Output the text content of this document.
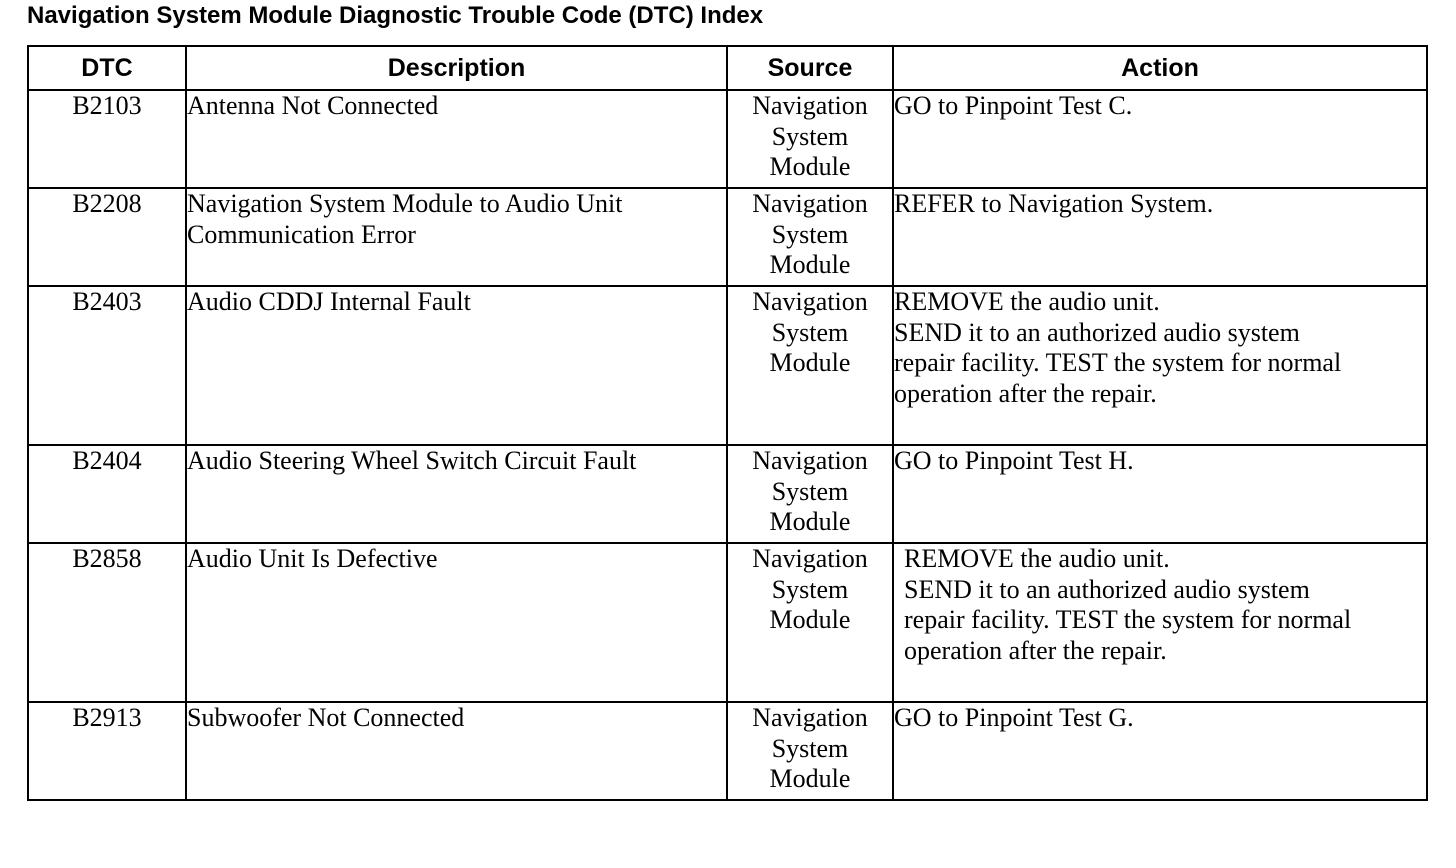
Navigation System Module Diagnostic Trouble Code (DTC) Index
DTC	Description	Source	Action
B2103	Antenna Not Connected	Navigation
System
Module	GO to Pinpoint Test C.

B2208	Navigation System Module to Audio Unit Communication Error	Navigation
System
Module	REFER to Navigation System.

B2403	Audio CDDJ Internal Fault	Navigation
System
Module	REMOVE the audio unit.
SEND it to an authorized audio system
repair facility. TEST the system for normal
operation after the repair.

B2404	Audio Steering Wheel Switch Circuit Fault	Navigation
System
Module	GO to Pinpoint Test H.

B2858	Audio Unit Is Defective	Navigation
System
Module	REMOVE the audio unit.
SEND it to an authorized audio system
repair facility. TEST the system for normal
operation after the repair.

B2913	Subwoofer Not Connected	Navigation
System
Module	GO to Pinpoint Test G.
